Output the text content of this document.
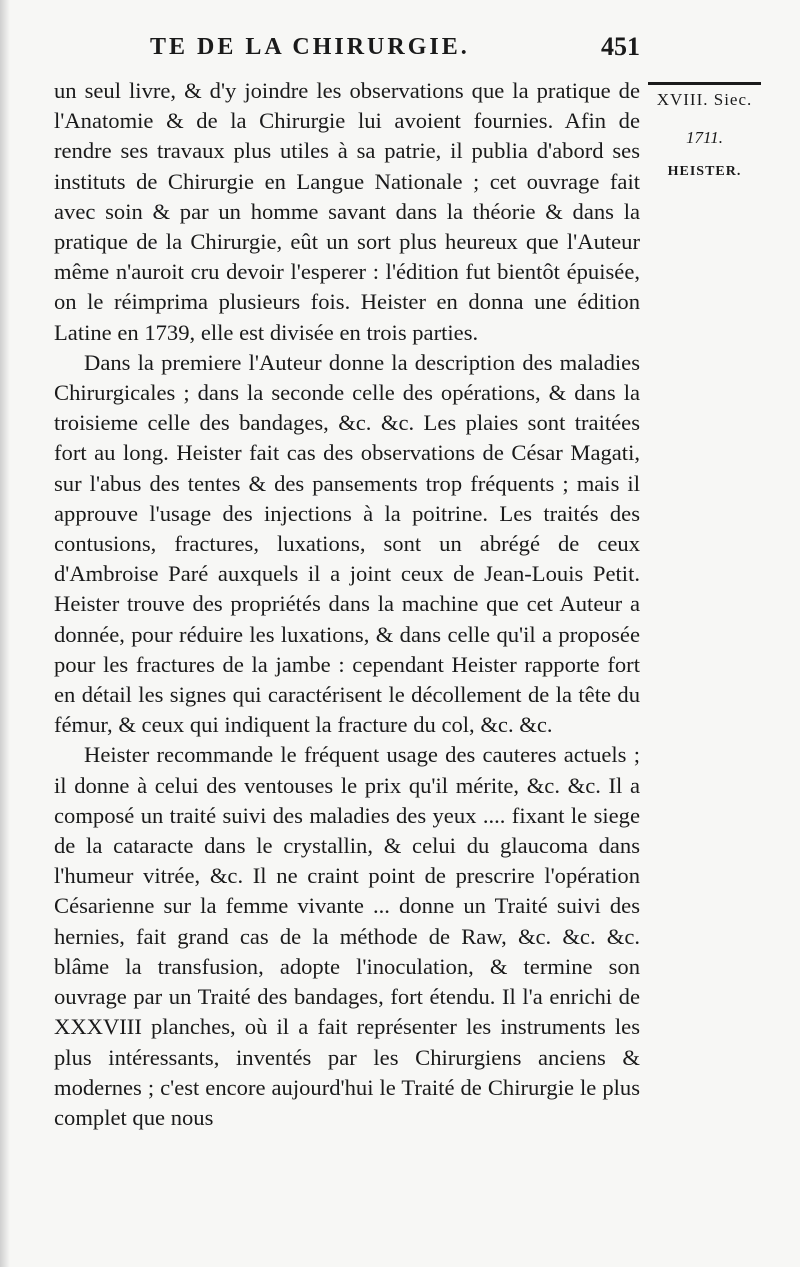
TE DE LA CHIRURGIE.	451

un seul livre, & d'y joindre les observations que la pratique de l'Anatomie & de la Chirurgie lui avoient fournies. Afin de rendre ses travaux plus utiles à sa patrie, il publia d'abord ses instituts de Chirurgie en Langue Nationale ; cet ouvrage fait avec soin & par un homme savant dans la théorie & dans la pratique de la Chirurgie, eût un sort plus heureux que l'Auteur même n'auroit cru devoir l'esperer : l'édition fut bientôt épuisée, on le réimprima plusieurs fois. Heister en donna une édition Latine en 1739, elle est divisée en trois parties.

Dans la premiere l'Auteur donne la description des maladies Chirurgicales ; dans la seconde celle des opérations, & dans la troisieme celle des bandages, &c. &c. Les plaies sont traitées fort au long. Heister fait cas des observations de César Magati, sur l'abus des tentes & des pansements trop fréquents ; mais il approuve l'usage des injections à la poitrine. Les traités des contusions, fractures, luxations, sont un abrégé de ceux d'Ambroise Paré auxquels il a joint ceux de Jean-Louis Petit. Heister trouve des propriétés dans la machine que cet Auteur a donnée, pour réduire les luxations, & dans celle qu'il a proposée pour les fractures de la jambe : cependant Heister rapporte fort en détail les signes qui caractérisent le décollement de la tête du fémur, & ceux qui indiquent la fracture du col, &c. &c.

Heister recommande le fréquent usage des cauteres actuels ; il donne à celui des ventouses le prix qu'il mérite, &c. &c. Il a composé un traité suivi des maladies des yeux .... fixant le siege de la cataracte dans le crystallin, & celui du glaucoma dans l'humeur vitrée, &c. Il ne craint point de prescrire l'opération Césarienne sur la femme vivante ... donne un Traité suivi des hernies, fait grand cas de la méthode de Raw, &c. &c. &c. blâme la transfusion, adopte l'inoculation, & termine son ouvrage par un Traité des bandages, fort étendu. Il l'a enrichi de XXXVIII planches, où il a fait représenter les instruments les plus intéressants, inventés par les Chirurgiens anciens & modernes ; c'est encore aujourd'hui le Traité de Chirurgie le plus complet que nous

XVIII. Siec.
1711.
HEISTER.
